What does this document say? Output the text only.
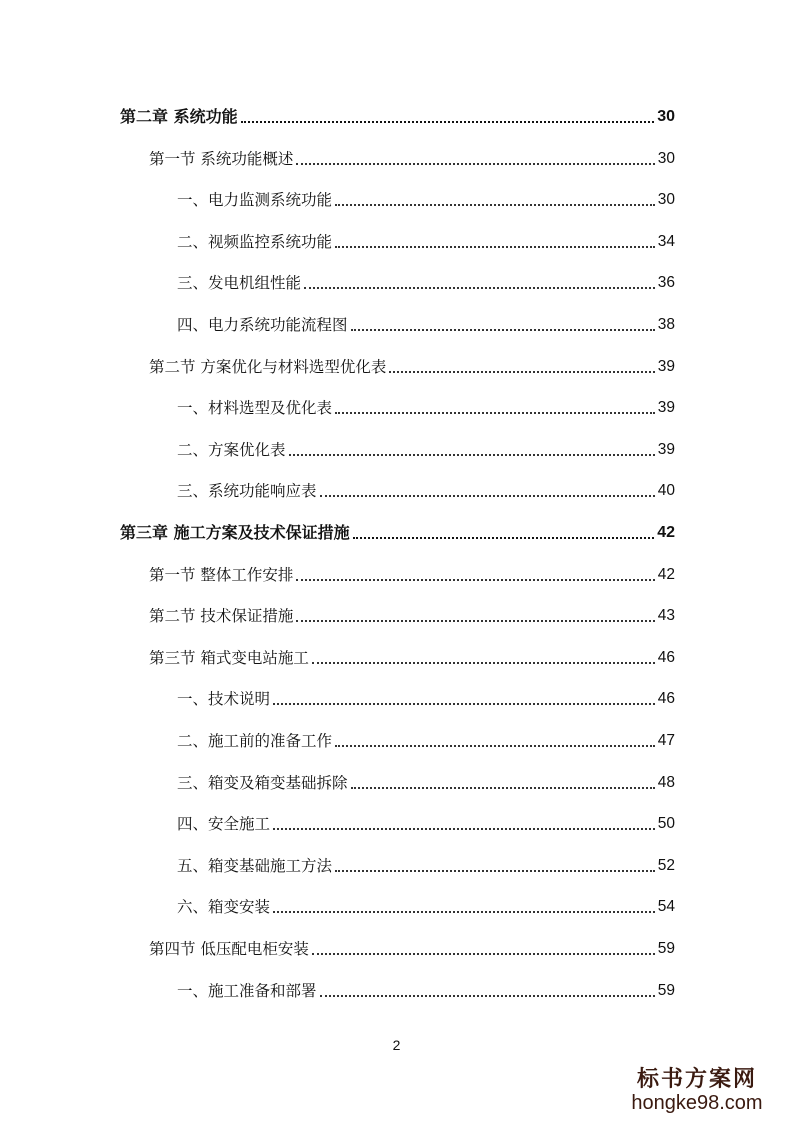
第二章 系统功能	30
第一节 系统功能概述	30
一、电力监测系统功能	30
二、视频监控系统功能	34
三、发电机组性能	36
四、电力系统功能流程图	38
第二节 方案优化与材料选型优化表	39
一、材料选型及优化表	39
二、方案优化表	39
三、系统功能响应表	40
第三章 施工方案及技术保证措施	42
第一节 整体工作安排	42
第二节 技术保证措施	43
第三节 箱式变电站施工	46
一、技术说明	46
二、施工前的准备工作	47
三、箱变及箱变基础拆除	48
四、安全施工	50
五、箱变基础施工方法	52
六、箱变安装	54
第四节 低压配电柜安装	59
一、施工准备和部署	59
2
标书方案网
hongke98.com
